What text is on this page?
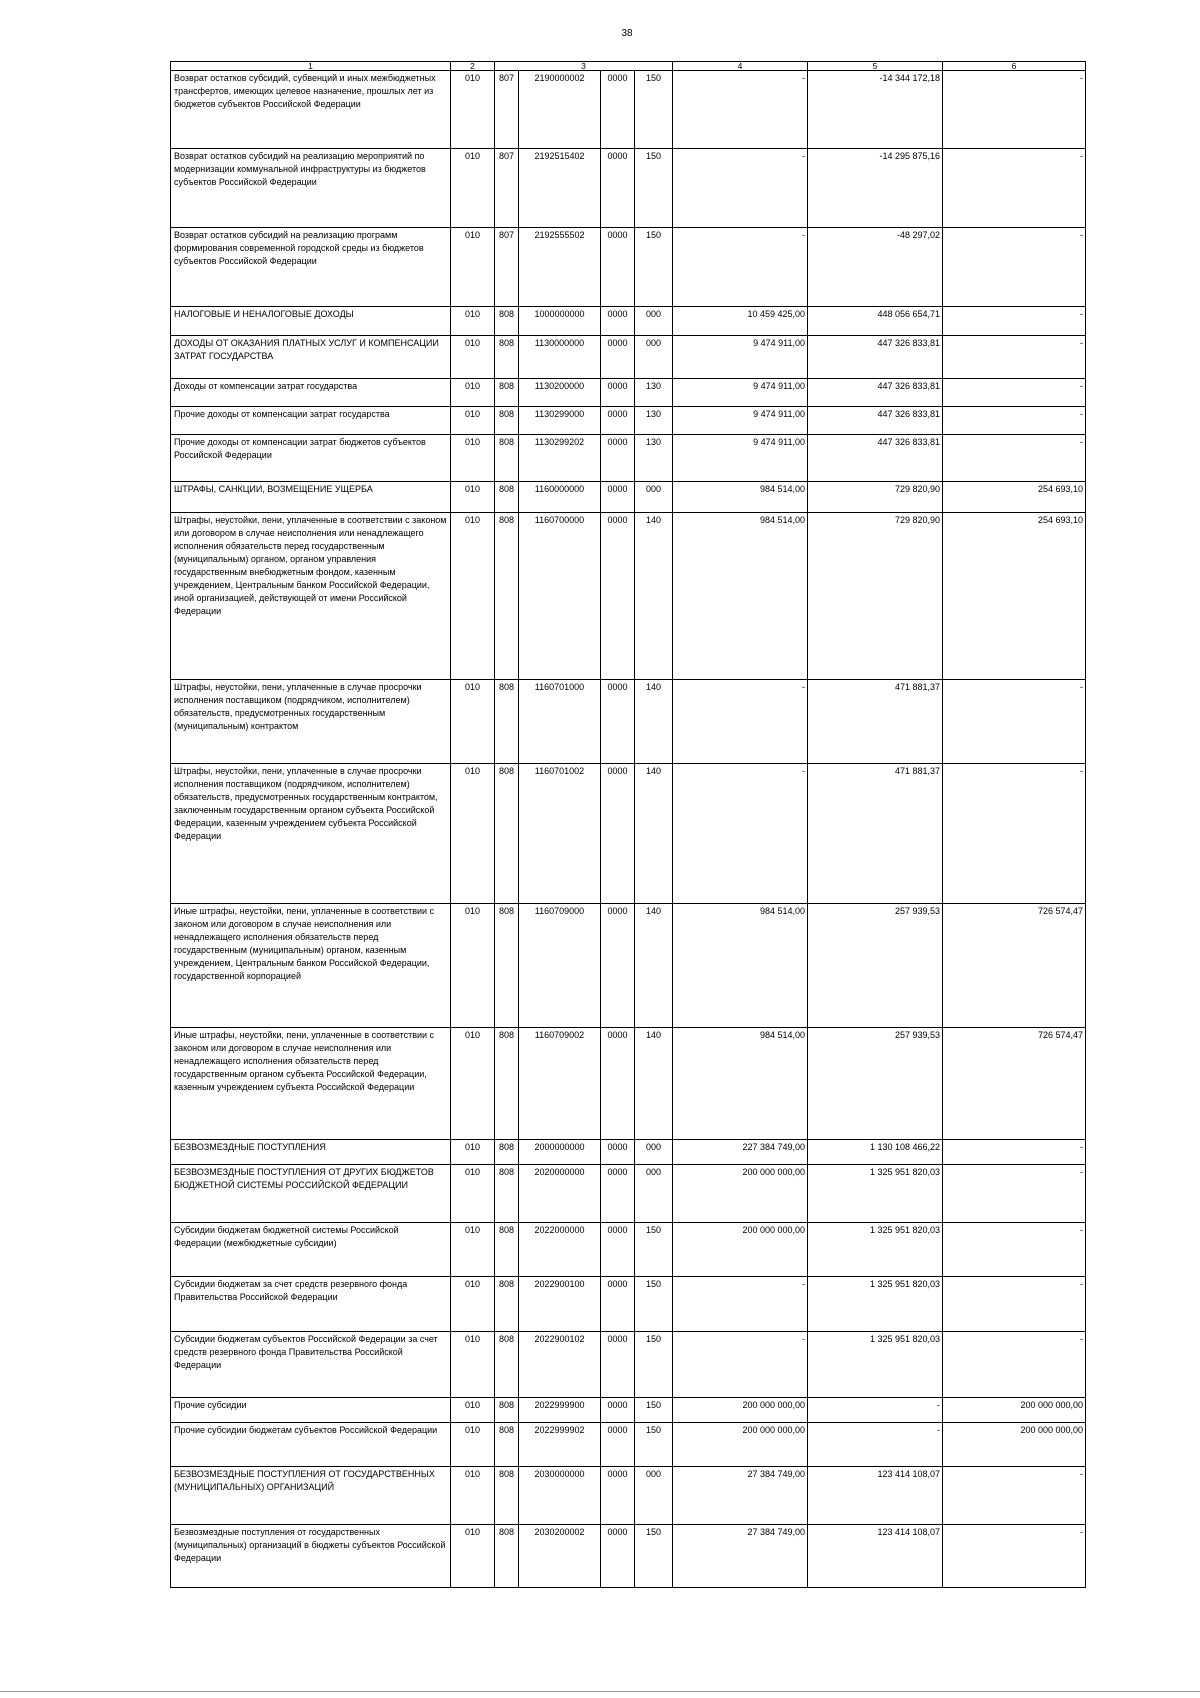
38
1	2	3				4	5	6
Возврат остатков субсидий, субвенций и иных межбюджетных трансфертов, имеющих целевое назначение, прошлых лет из бюджетов субъектов Российской Федерации	010	807	2190000002	0000	150	-	-14 344 172,18	-
Возврат остатков субсидий на реализацию мероприятий по модернизации коммунальной инфраструктуры из бюджетов субъектов Российской Федерации	010	807	2192515402	0000	150	-	-14 295 875,16	-
Возврат остатков субсидий на реализацию программ формирования современной городской среды из бюджетов субъектов Российской Федерации	010	807	2192555502	0000	150	-	-48 297,02	-
НАЛОГОВЫЕ И НЕНАЛОГОВЫЕ ДОХОДЫ	010	808	1000000000	0000	000	10 459 425,00	448 056 654,71	-
ДОХОДЫ ОТ ОКАЗАНИЯ ПЛАТНЫХ УСЛУГ И КОМПЕНСАЦИИ ЗАТРАТ ГОСУДАРСТВА	010	808	1130000000	0000	000	9 474 911,00	447 326 833,81	-
Доходы от компенсации затрат государства	010	808	1130200000	0000	130	9 474 911,00	447 326 833,81	-
Прочие доходы от компенсации затрат государства	010	808	1130299000	0000	130	9 474 911,00	447 326 833,81	-
Прочие доходы от компенсации затрат бюджетов субъектов Российской Федерации	010	808	1130299202	0000	130	9 474 911,00	447 326 833,81	-
ШТРАФЫ, САНКЦИИ, ВОЗМЕЩЕНИЕ УЩЕРБА	010	808	1160000000	0000	000	984 514,00	729 820,90	254 693,10
Штрафы, неустойки, пени, уплаченные в соответствии с законом или договором в случае неисполнения или ненадлежащего исполнения обязательств перед государственным (муниципальным) органом, органом управления государственным внебюджетным фондом, казенным учреждением, Центральным банком Российской Федерации, иной организацией, действующей от имени Российской Федерации	010	808	1160700000	0000	140	984 514,00	729 820,90	254 693,10
Штрафы, неустойки, пени, уплаченные в случае просрочки исполнения поставщиком (подрядчиком, исполнителем) обязательств, предусмотренных государственным (муниципальным) контрактом	010	808	1160701000	0000	140	-	471 881,37	-
Штрафы, неустойки, пени, уплаченные в случае просрочки исполнения поставщиком (подрядчиком, исполнителем) обязательств, предусмотренных государственным контрактом, заключенным государственным органом субъекта Российской Федерации, казенным учреждением субъекта Российской Федерации	010	808	1160701002	0000	140	-	471 881,37	-
Иные штрафы, неустойки, пени, уплаченные в соответствии с законом или договором в случае неисполнения или ненадлежащего исполнения обязательств перед государственным (муниципальным) органом, казенным учреждением, Центральным банком Российской Федерации, государственной корпорацией	010	808	1160709000	0000	140	984 514,00	257 939,53	726 574,47
Иные штрафы, неустойки, пени, уплаченные в соответствии с законом или договором в случае неисполнения или ненадлежащего исполнения обязательств перед государственным органом субъекта Российской Федерации, казенным учреждением субъекта Российской Федерации	010	808	1160709002	0000	140	984 514,00	257 939,53	726 574,47
БЕЗВОЗМЕЗДНЫЕ ПОСТУПЛЕНИЯ	010	808	2000000000	0000	000	227 384 749,00	1 130 108 466,22	-
БЕЗВОЗМЕЗДНЫЕ ПОСТУПЛЕНИЯ ОТ ДРУГИХ БЮДЖЕТОВ БЮДЖЕТНОЙ СИСТЕМЫ РОССИЙСКОЙ ФЕДЕРАЦИИ	010	808	2020000000	0000	000	200 000 000,00	1 325 951 820,03	-
Субсидии бюджетам бюджетной системы Российской Федерации (межбюджетные субсидии)	010	808	2022000000	0000	150	200 000 000,00	1 325 951 820,03	-
Субсидии бюджетам за счет средств резервного фонда Правительства Российской Федерации	010	808	2022900100	0000	150	-	1 325 951 820,03	-
Субсидии бюджетам субъектов Российской Федерации за счет средств резервного фонда Правительства Российской Федерации	010	808	2022900102	0000	150	-	1 325 951 820,03	-
Прочие субсидии	010	808	2022999900	0000	150	200 000 000,00	-	200 000 000,00
Прочие субсидии бюджетам субъектов Российской Федерации	010	808	2022999902	0000	150	200 000 000,00	-	200 000 000,00
БЕЗВОЗМЕЗДНЫЕ ПОСТУПЛЕНИЯ ОТ ГОСУДАРСТВЕННЫХ (МУНИЦИПАЛЬНЫХ) ОРГАНИЗАЦИЙ	010	808	2030000000	0000	000	27 384 749,00	123 414 108,07	-
Безвозмездные поступления от государственных (муниципальных) организаций в бюджеты субъектов Российской Федерации	010	808	2030200002	0000	150	27 384 749,00	123 414 108,07	-
